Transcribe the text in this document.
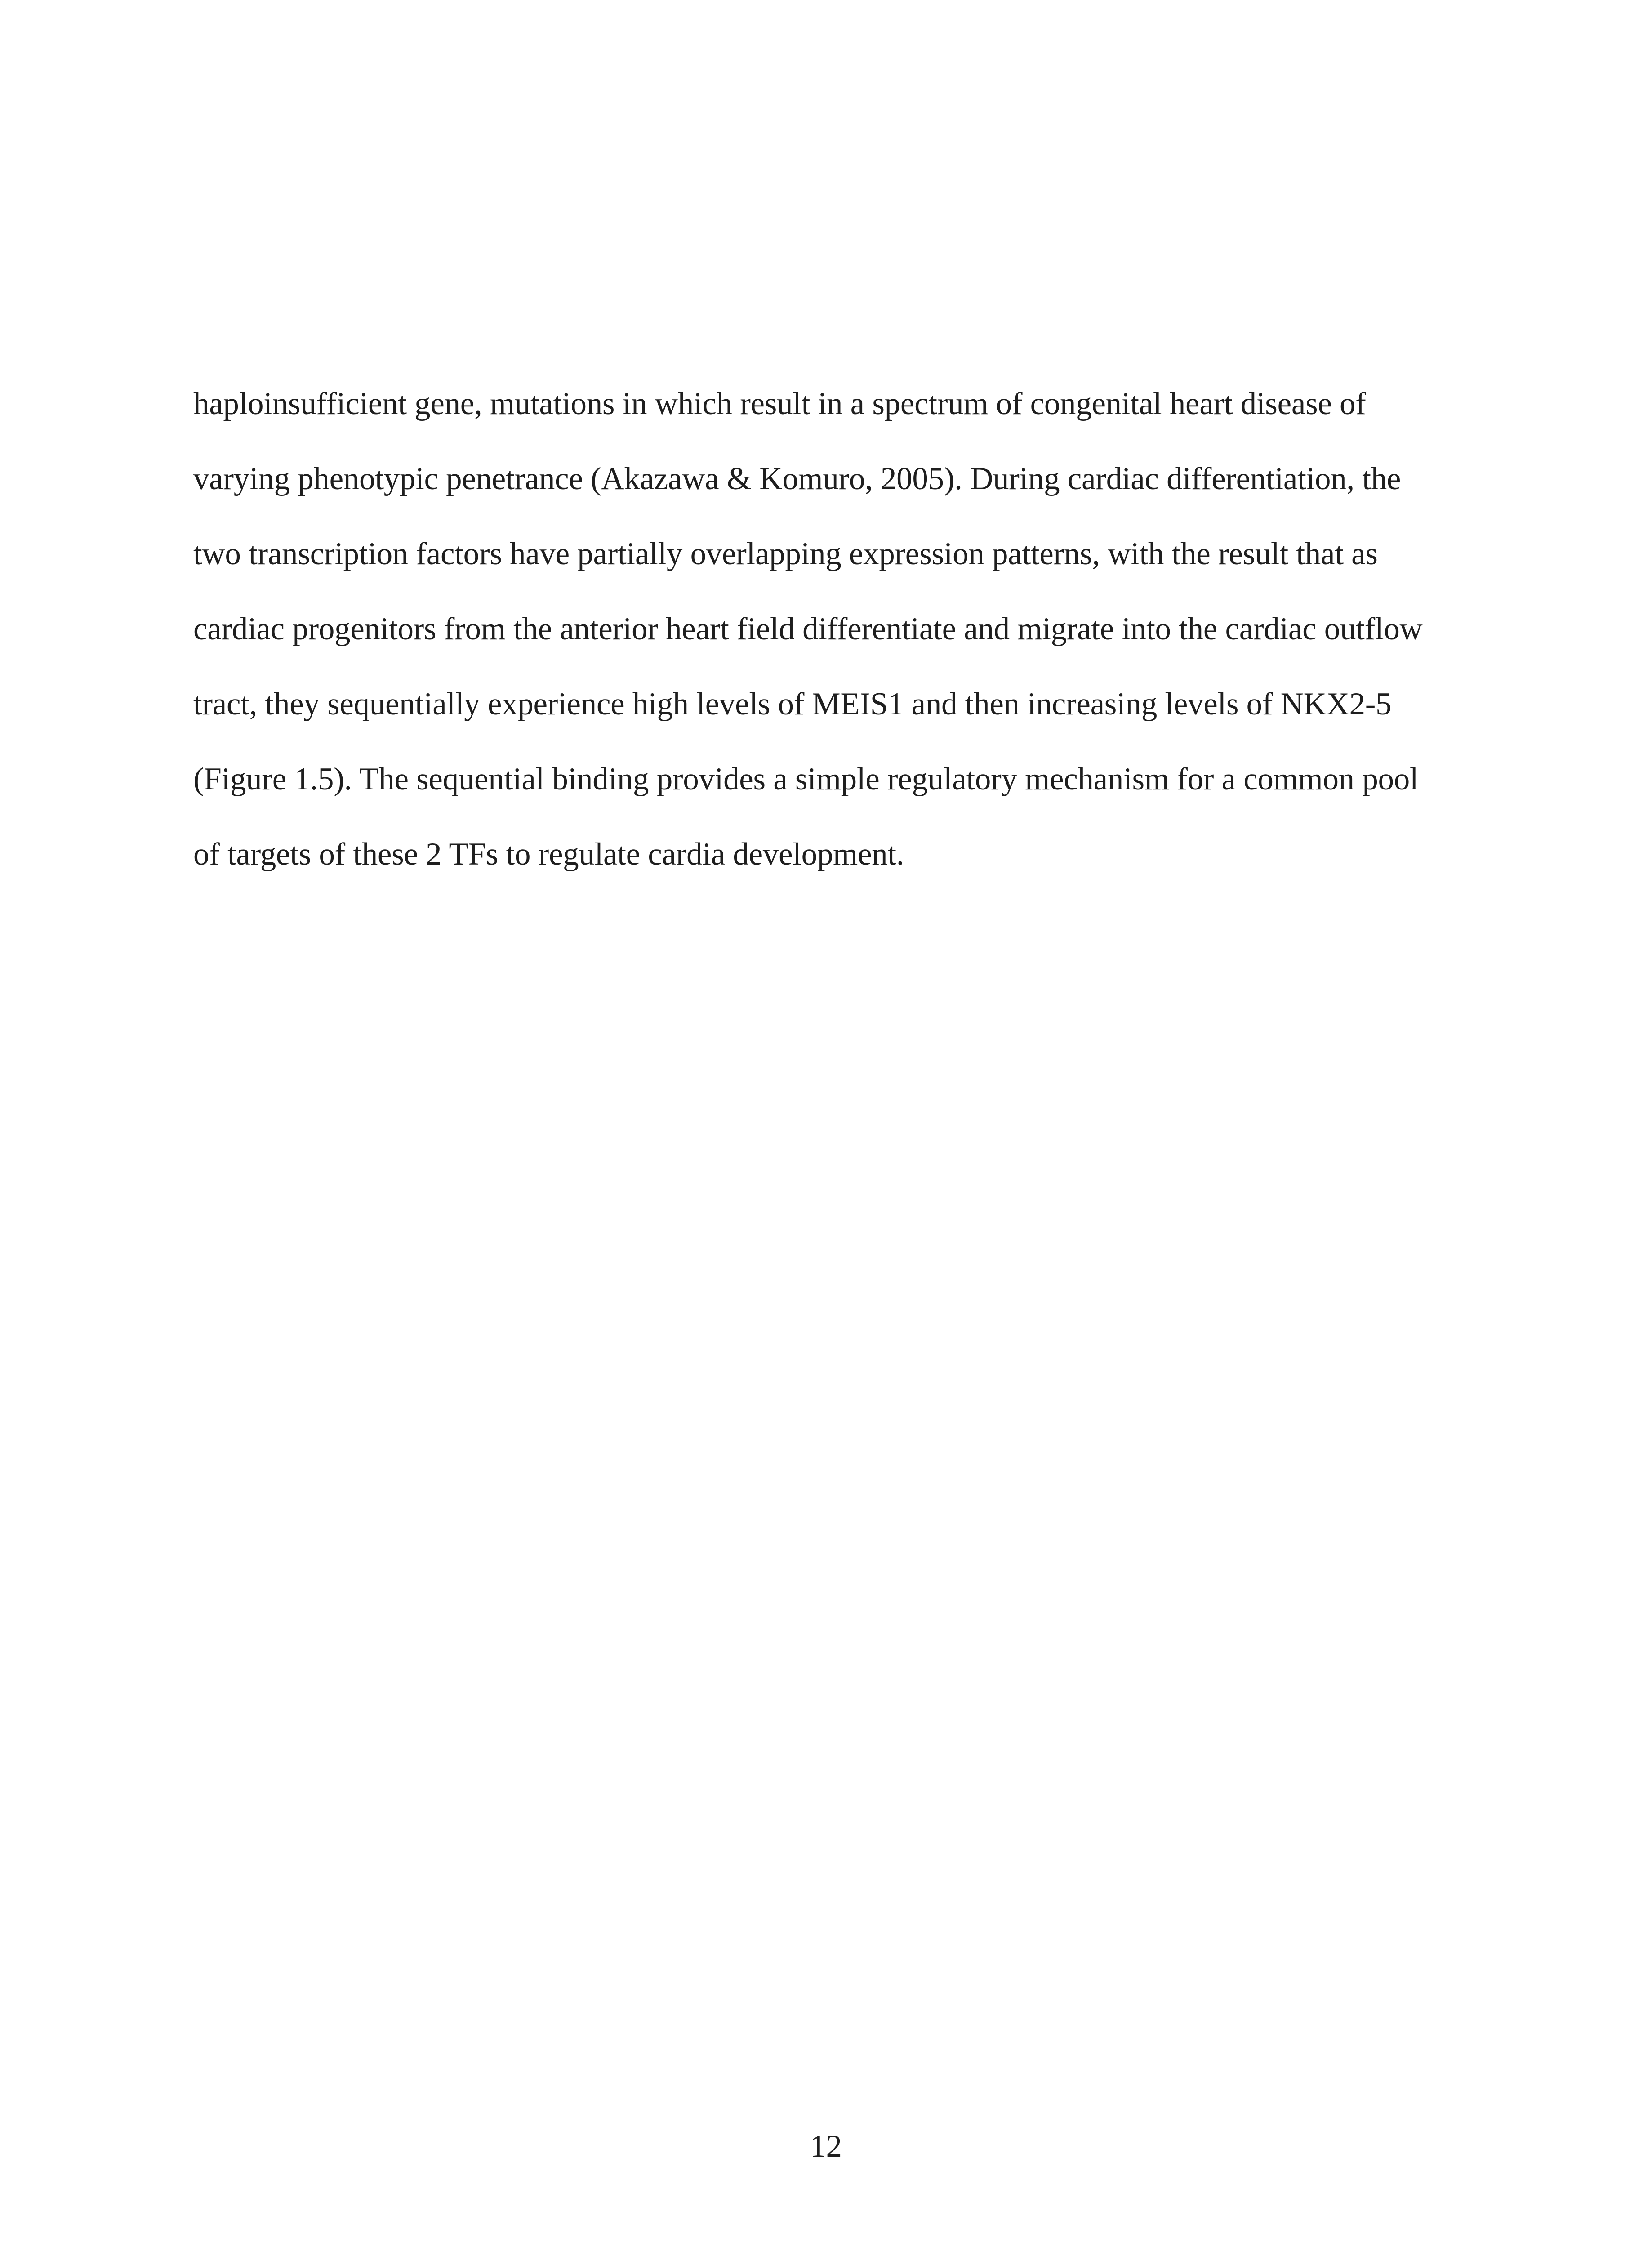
haploinsufficient gene, mutations in which result in a spectrum of congenital heart disease of
varying phenotypic penetrance (Akazawa & Komuro, 2005). During cardiac differentiation, the
two transcription factors have partially overlapping expression patterns, with the result that as
cardiac progenitors from the anterior heart field differentiate and migrate into the cardiac outflow
tract, they sequentially experience high levels of MEIS1 and then increasing levels of NKX2-5
(Figure 1.5). The sequential binding provides a simple regulatory mechanism for a common pool
of targets of these 2 TFs to regulate cardia development.

12
